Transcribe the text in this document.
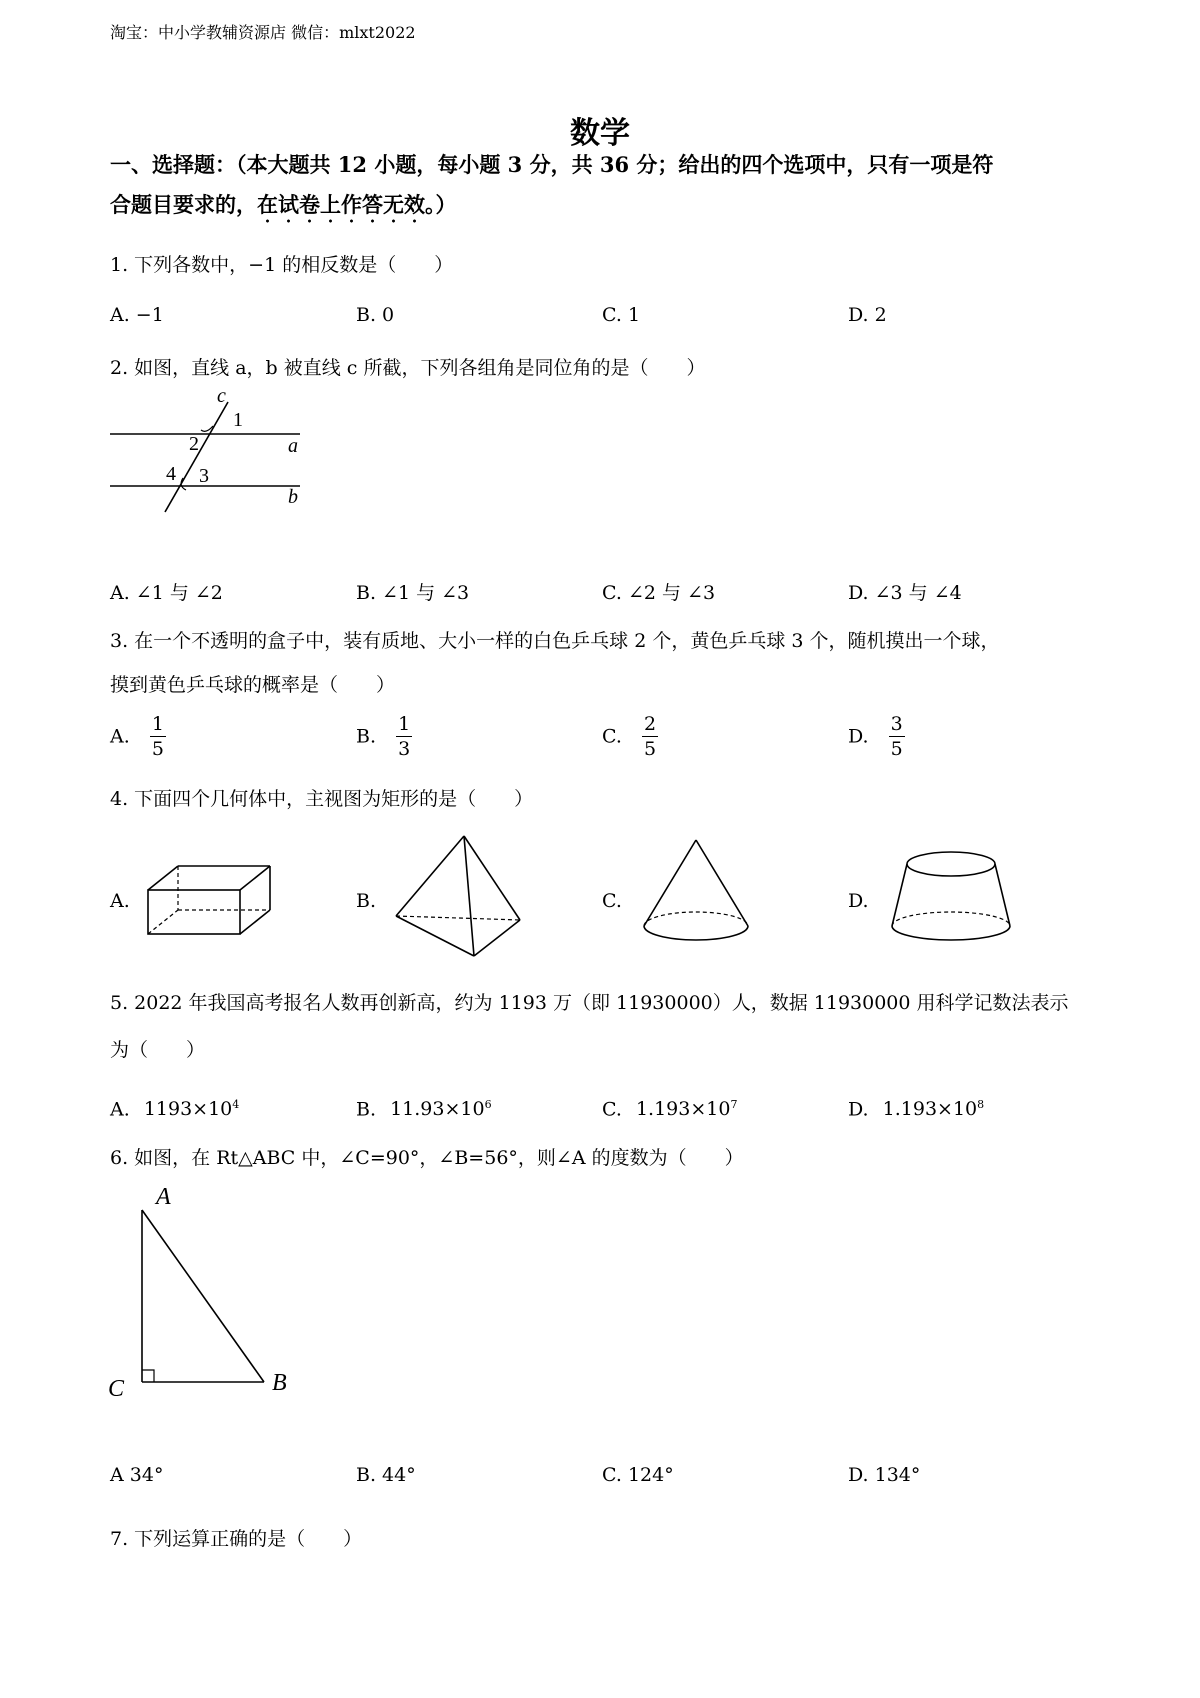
淘宝：中小学教辅资源店 微信：mlxt2022
数学
一、选择题：（本大题共 12 小题，每小题 3 分，共 36 分；给出的四个选项中，只有一项是符
合题目要求的，在试卷上作答无效。）
1. 下列各数中，−1 的相反数是（　　）
A. −1	B. 0	C. 1	D. 2
2. 如图，直线 a，b 被直线 c 所截，下列各组角是同位角的是（　　）
c
1
2	a
4 3
b
A. ∠1 与 ∠2	B. ∠1 与 ∠3	C. ∠2 与 ∠3	D. ∠3 与 ∠4
3. 在一个不透明的盒子中，装有质地、大小一样的白色乒乓球 2 个，黄色乒乓球 3 个，随机摸出一个球，
摸到黄色乒乓球的概率是（　　）
A. $\frac{1}{5}$	B. $\frac{1}{3}$	C. $\frac{2}{5}$	D. $\frac{3}{5}$
4. 下面四个几何体中，主视图为矩形的是（　　）
A.	B.	C.	D.
5. 2022 年我国高考报名人数再创新高，约为 1193 万（即 11930000）人，数据 11930000 用科学记数法表示
为（　　）
A. $1193\times 10^4$	B. $11.93\times 10^6$	C. $1.193\times 10^7$	D. $1.193\times 10^8$
6. 如图，在 Rt△ABC 中，∠C=90°，∠B=56°，则∠A 的度数为（　　）
A
C	B
A 34°	B. 44°	C. 124°	D. 134°
7. 下列运算正确的是（　　）
